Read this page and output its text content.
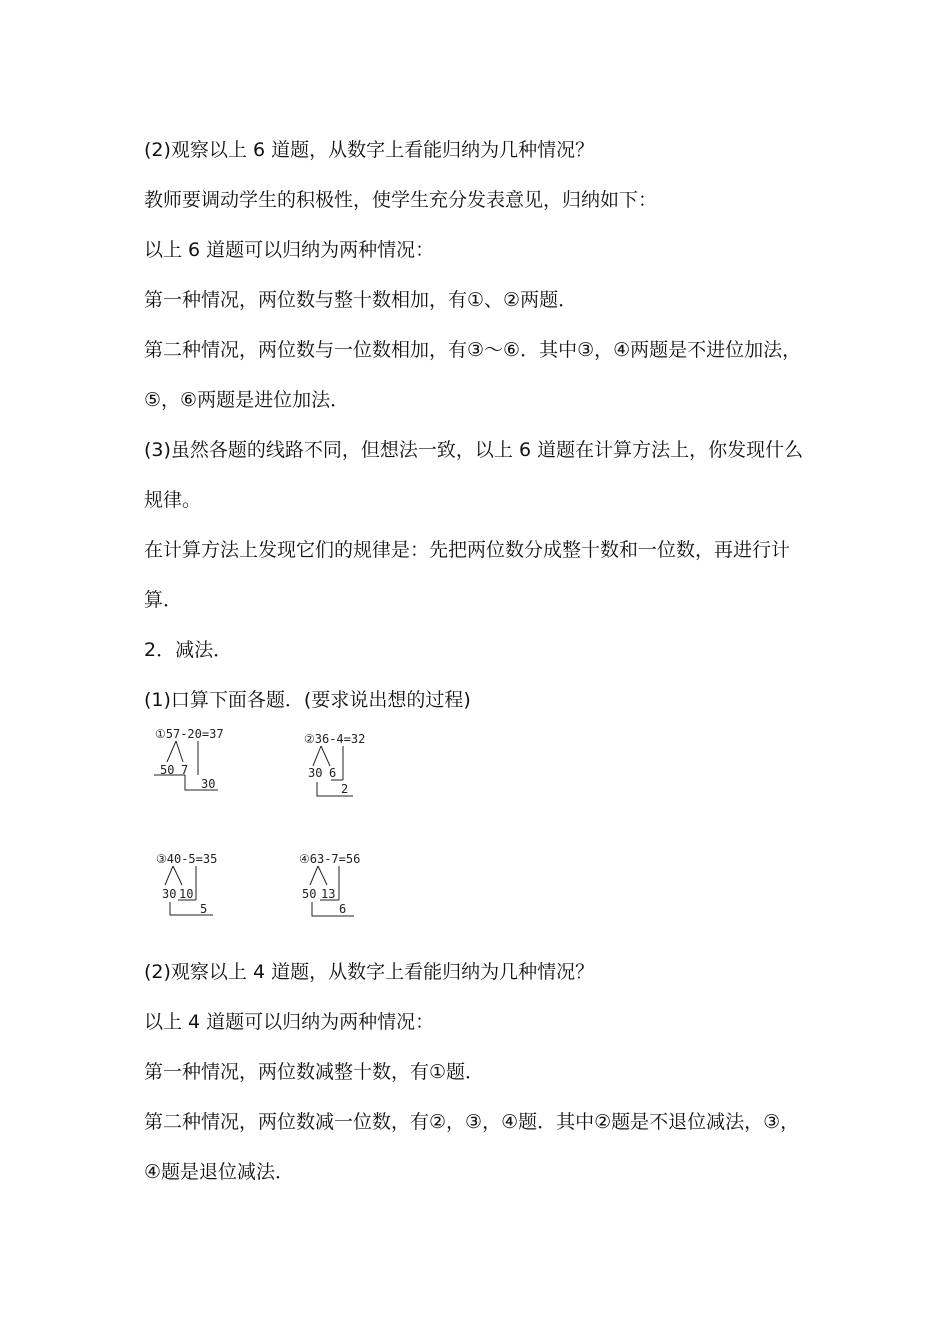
(2)观察以上 6 道题，从数字上看能归纳为几种情况？
教师要调动学生的积极性，使学生充分发表意见，归纳如下：
以上 6 道题可以归纳为两种情况：
第一种情况，两位数与整十数相加，有①、②两题．
第二种情况，两位数与一位数相加，有③～⑥．其中③，④两题是不进位加法，
⑤，⑥两题是进位加法．
(3)虽然各题的线路不同，但想法一致，以上 6 道题在计算方法上，你发现什么
规律。
在计算方法上发现它们的规律是：先把两位数分成整十数和一位数，再进行计
算．
2．减法．
(1)口算下面各题．(要求说出想的过程)
①57-20=37
50 7
30
②36-4=32
30 6
2
③40-5=35
30 10
5
④63-7=56
50 13
6
(2)观察以上 4 道题，从数字上看能归纳为几种情况？
以上 4 道题可以归纳为两种情况：
第一种情况，两位数减整十数，有①题．
第二种情况，两位数减一位数，有②，③，④题．其中②题是不退位减法，③，
④题是退位减法．
